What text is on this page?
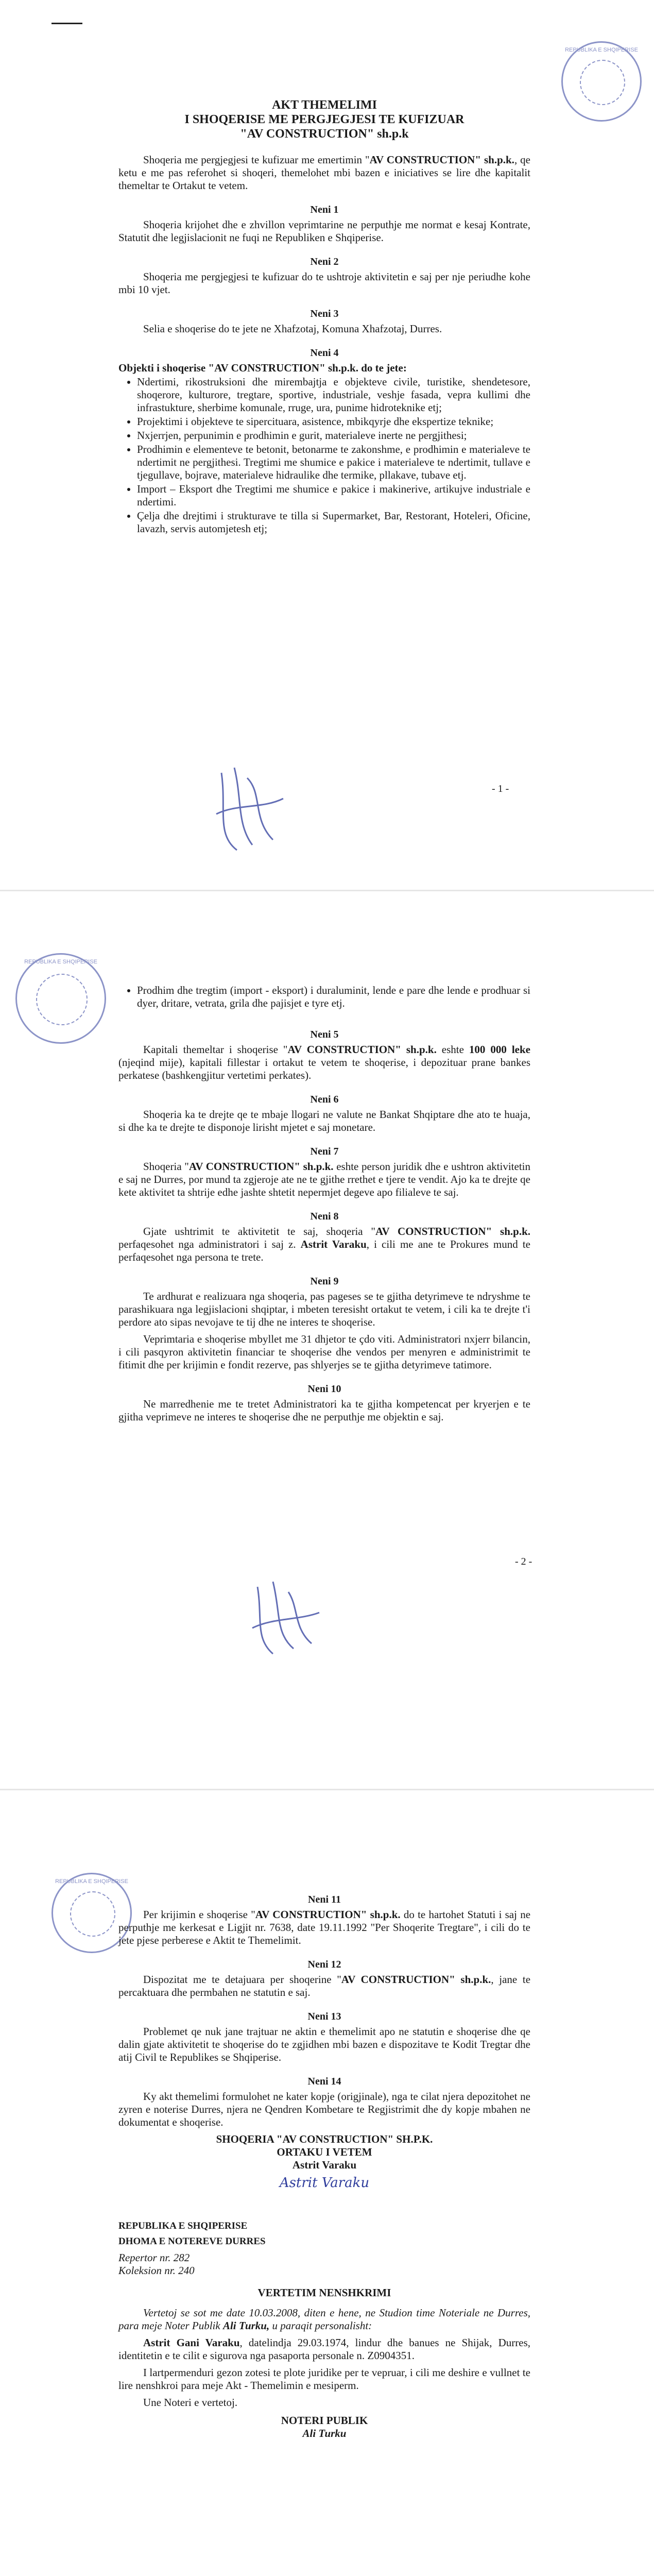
REPUBLIKA E SHQIPERISE
AKT THEMELIMI
I SHOQERISE ME PERGJEGJESI TE KUFIZUAR
"AV CONSTRUCTION" sh.p.k

Shoqeria me pergjegjesi te kufizuar me emertimin "AV CONSTRUCTION" sh.p.k., qe ketu e me pas referohet si shoqeri, themelohet mbi bazen e iniciatives se lire dhe kapitalit themeltar te Ortakut te vetem.

Neni 1

Shoqeria krijohet dhe e zhvillon veprimtarine ne perputhje me normat e kesaj Kontrate, Statutit dhe legjislacionit ne fuqi ne Republiken e Shqiperise.

Neni 2

Shoqeria me pergjegjesi te kufizuar do te ushtroje aktivitetin e saj per nje periudhe kohe mbi 10 vjet.

Neni 3

Selia e shoqerise do te jete ne Xhafzotaj, Komuna Xhafzotaj, Durres.

Neni 4

Objekti i shoqerise "AV CONSTRUCTION" sh.p.k. do te jete:

• Ndertimi, rikostruksioni dhe mirembajtja e objekteve civile, turistike, shendetesore, shoqerore, kulturore, tregtare, sportive, industriale, veshje fasada, vepra kullimi dhe infrastukture, sherbime komunale, rruge, ura, punime hidroteknike etj;
• Projektimi i objekteve te sipercituara, asistence, mbikqyrje dhe ekspertize teknike;
• Nxjerrjen, perpunimin e prodhimin e gurit, materialeve inerte ne pergjithesi;
• Prodhimin e elementeve te betonit, betonarme te zakonshme, e prodhimin e materialeve te ndertimit ne pergjithesi. Tregtimi me shumice e pakice i materialeve te ndertimit, tullave e tjegullave, bojrave, materialeve hidraulike dhe termike, pllakave, tubave etj.
• Import – Eksport dhe Tregtimi me shumice e pakice i makinerive, artikujve industriale e ndertimi.
• Çelja dhe drejtimi i strukturave te tilla si Supermarket, Bar, Restorant, Hoteleri, Oficine, lavazh, servis automjetesh etj;
- 1 -
REPUBLIKA E SHQIPERISE
• Prodhim dhe tregtim (import - eksport) i duraluminit, lende e pare dhe lende e prodhuar si dyer, dritare, vetrata, grila dhe pajisjet e tyre etj.
Neni 5

Kapitali themeltar i shoqerise "AV CONSTRUCTION" sh.p.k. eshte 100 000 leke (njeqind mije), kapitali fillestar i ortakut te vetem te shoqerise, i depozituar prane bankes perkatese (bashkengjitur vertetimi perkates).

Neni 6

Shoqeria ka te drejte qe te mbaje llogari ne valute ne Bankat Shqiptare dhe ato te huaja, si dhe ka te drejte te disponoje lirisht mjetet e saj monetare.

Neni 7

Shoqeria "AV CONSTRUCTION" sh.p.k. eshte person juridik dhe e ushtron aktivitetin e saj ne Durres, por mund ta zgjeroje ate ne te gjithe rrethet e tjere te vendit. Ajo ka te drejte qe kete aktivitet ta shtrije edhe jashte shtetit nepermjet degeve apo filialeve te saj.

Neni 8

Gjate ushtrimit te aktivitetit te saj, shoqeria "AV CONSTRUCTION" sh.p.k. perfaqesohet nga administratori i saj z. Astrit Varaku, i cili me ane te Prokures mund te perfaqesohet nga persona te trete.

Neni 9

Te ardhurat e realizuara nga shoqeria, pas pageses se te gjitha detyrimeve te ndryshme te parashikuara nga legjislacioni shqiptar, i mbeten teresisht ortakut te vetem, i cili ka te drejte t'i perdore ato sipas nevojave te tij dhe ne interes te shoqerise.

Veprimtaria e shoqerise mbyllet me 31 dhjetor te çdo viti. Administratori nxjerr bilancin, i cili pasqyron aktivitetin financiar te shoqerise dhe vendos per menyren e administrimit te fitimit dhe per krijimin e fondit rezerve, pas shlyerjes se te gjitha detyrimeve tatimore.

Neni 10

Ne marredhenie me te tretet Administratori ka te gjitha kompetencat per kryerjen e te gjitha veprimeve ne interes te shoqerise dhe ne perputhje me objektin e saj.

- 2 -
REPUBLIKA E SHQIPERISE
Neni 11

Per krijimin e shoqerise "AV CONSTRUCTION" sh.p.k. do te hartohet Statuti i saj ne perputhje me kerkesat e Ligjit nr. 7638, date 19.11.1992 "Per Shoqerite Tregtare", i cili do te jete pjese perberese e Aktit te Themelimit.

Neni 12

Dispozitat me te detajuara per shoqerine "AV CONSTRUCTION" sh.p.k., jane te percaktuara dhe permbahen ne statutin e saj.

Neni 13

Problemet qe nuk jane trajtuar ne aktin e themelimit apo ne statutin e shoqerise dhe qe dalin gjate aktivitetit te shoqerise do te zgjidhen mbi bazen e dispozitave te Kodit Tregtar dhe atij Civil te Republikes se Shqiperise.

Neni 14

Ky akt themelimi formulohet ne kater kopje (origjinale), nga te cilat njera depozitohet ne zyren e noterise Durres, njera ne Qendren Kombetare te Regjistrimit dhe dy kopje mbahen ne dokumentat e shoqerise.

SHOQERIA "AV CONSTRUCTION" SH.P.K.
ORTAKU I VETEM
Astrit Varaku
Astrit Varaku

REPUBLIKA E SHQIPERISE

DHOMA E NOTEREVE DURRES

Repertor nr. 282

Koleksion nr. 240

VERTETIM NENSHKRIMI

Vertetoj se sot me date 10.03.2008, diten e hene, ne Studion time Noteriale ne Durres, para meje Noter Publik Ali Turku, u paraqit personalisht:

Astrit Gani Varaku, datelindja 29.03.1974, lindur dhe banues ne Shijak, Durres, identitetin e te cilit e sigurova nga pasaporta personale n. Z0904351.

I lartpermenduri gezon zotesi te plote juridike per te vepruar, i cili me deshire e vullnet te lire nenshkroi para meje Akt - Themelimin e mesiperm.

Une Noteri e vertetoj.

NOTERI PUBLIK
Ali Turku
